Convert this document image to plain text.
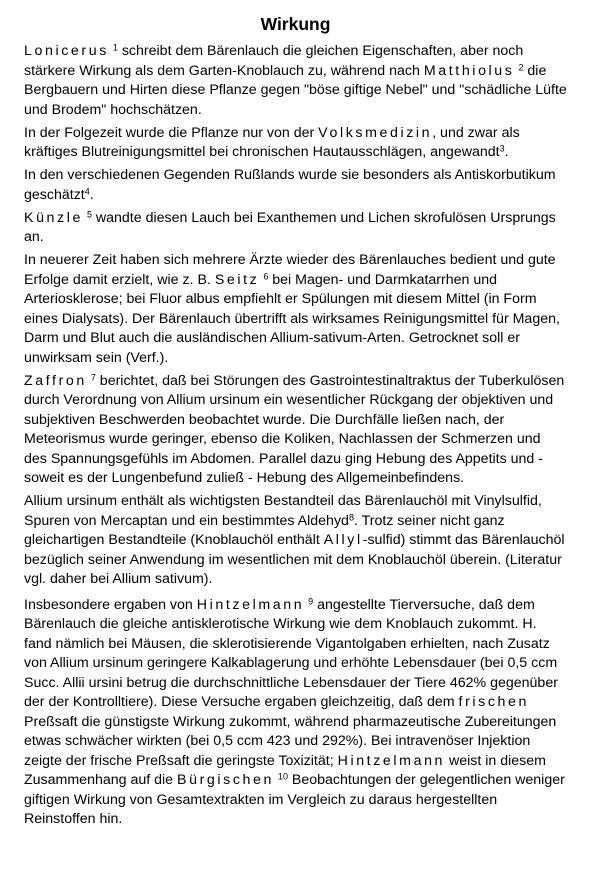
Wirkung

Lonicerus $^1$ schreibt dem Bärenlauch die gleichen Eigenschaften, aber noch stärkere Wirkung als dem Garten-Knoblauch zu, während nach Matthiolus $^2$ die Bergbauern und Hirten diese Pflanze gegen "böse giftige Nebel" und "schädliche Lüfte und Brodem" hochschätzen.

In der Folgezeit wurde die Pflanze nur von der Volksmedizin, und zwar als kräftiges Blutreinigungsmittel bei chronischen Hautausschlägen, angewandt$^3$.

In den verschiedenen Gegenden Rußlands wurde sie besonders als Antiskorbutikum geschätzt$^4$.

Künzle $^5$ wandte diesen Lauch bei Exanthemen und Lichen skrofulösen Ursprungs an.

In neuerer Zeit haben sich mehrere Ärzte wieder des Bärenlauches bedient und gute Erfolge damit erzielt, wie z. B. Seitz $^6$ bei Magen- und Darmkatarrhen und Arteriosklerose; bei Fluor albus empfiehlt er Spülungen mit diesem Mittel (in Form eines Dialysats). Der Bärenlauch übertrifft als wirksames Reinigungsmittel für Magen, Darm und Blut auch die ausländischen Allium-sativum-Arten. Getrocknet soll er unwirksam sein (Verf.).

Zaffron $^7$ berichtet, daß bei Störungen des Gastrointestinaltraktus der Tuberkulösen durch Verordnung von Allium ursinum ein wesentlicher Rückgang der objektiven und subjektiven Beschwerden beobachtet wurde. Die Durchfälle ließen nach, der Meteorismus wurde geringer, ebenso die Koliken, Nachlassen der Schmerzen und des Spannungsgefühls im Abdomen. Parallel dazu ging Hebung des Appetits und - soweit es der Lungenbefund zuließ - Hebung des Allgemeinbefindens.

Allium ursinum enthält als wichtigsten Bestandteil das Bärenlauchöl mit Vinylsulfid, Spuren von Mercaptan und ein bestimmtes Aldehyd$^8$. Trotz seiner nicht ganz gleichartigen Bestandteile (Knoblauchöl enthält Allyl-sulfid) stimmt das Bärenlauchöl bezüglich seiner Anwendung im wesentlichen mit dem Knoblauchöl überein. (Literatur vgl. daher bei Allium sativum).

Insbesondere ergaben von Hintzelmann $^9$ angestellte Tierversuche, daß dem Bärenlauch die gleiche antisklerotische Wirkung wie dem Knoblauch zukommt. H. fand nämlich bei Mäusen, die sklerotisierende Vigantolgaben erhielten, nach Zusatz von Allium ursinum geringere Kalkablagerung und erhöhte Lebensdauer (bei 0,5 ccm Succ. Allii ursini betrug die durchschnittliche Lebensdauer der Tiere 462% gegenüber der der Kontrolltiere). Diese Versuche ergaben gleichzeitig, daß dem frischen Preßsaft die günstigste Wirkung zukommt, während pharmazeutische Zubereitungen etwas schwächer wirkten (bei 0,5 ccm 423 und 292%). Bei intravenöser Injektion zeigte der frische Preßsaft die geringste Toxizität; Hintzelmann weist in diesem Zusammenhang auf die Bürgischen $^{10}$ Beobachtungen der gelegentlichen weniger giftigen Wirkung von Gesamtextrakten im Vergleich zu daraus hergestellten Reinstoffen hin.
